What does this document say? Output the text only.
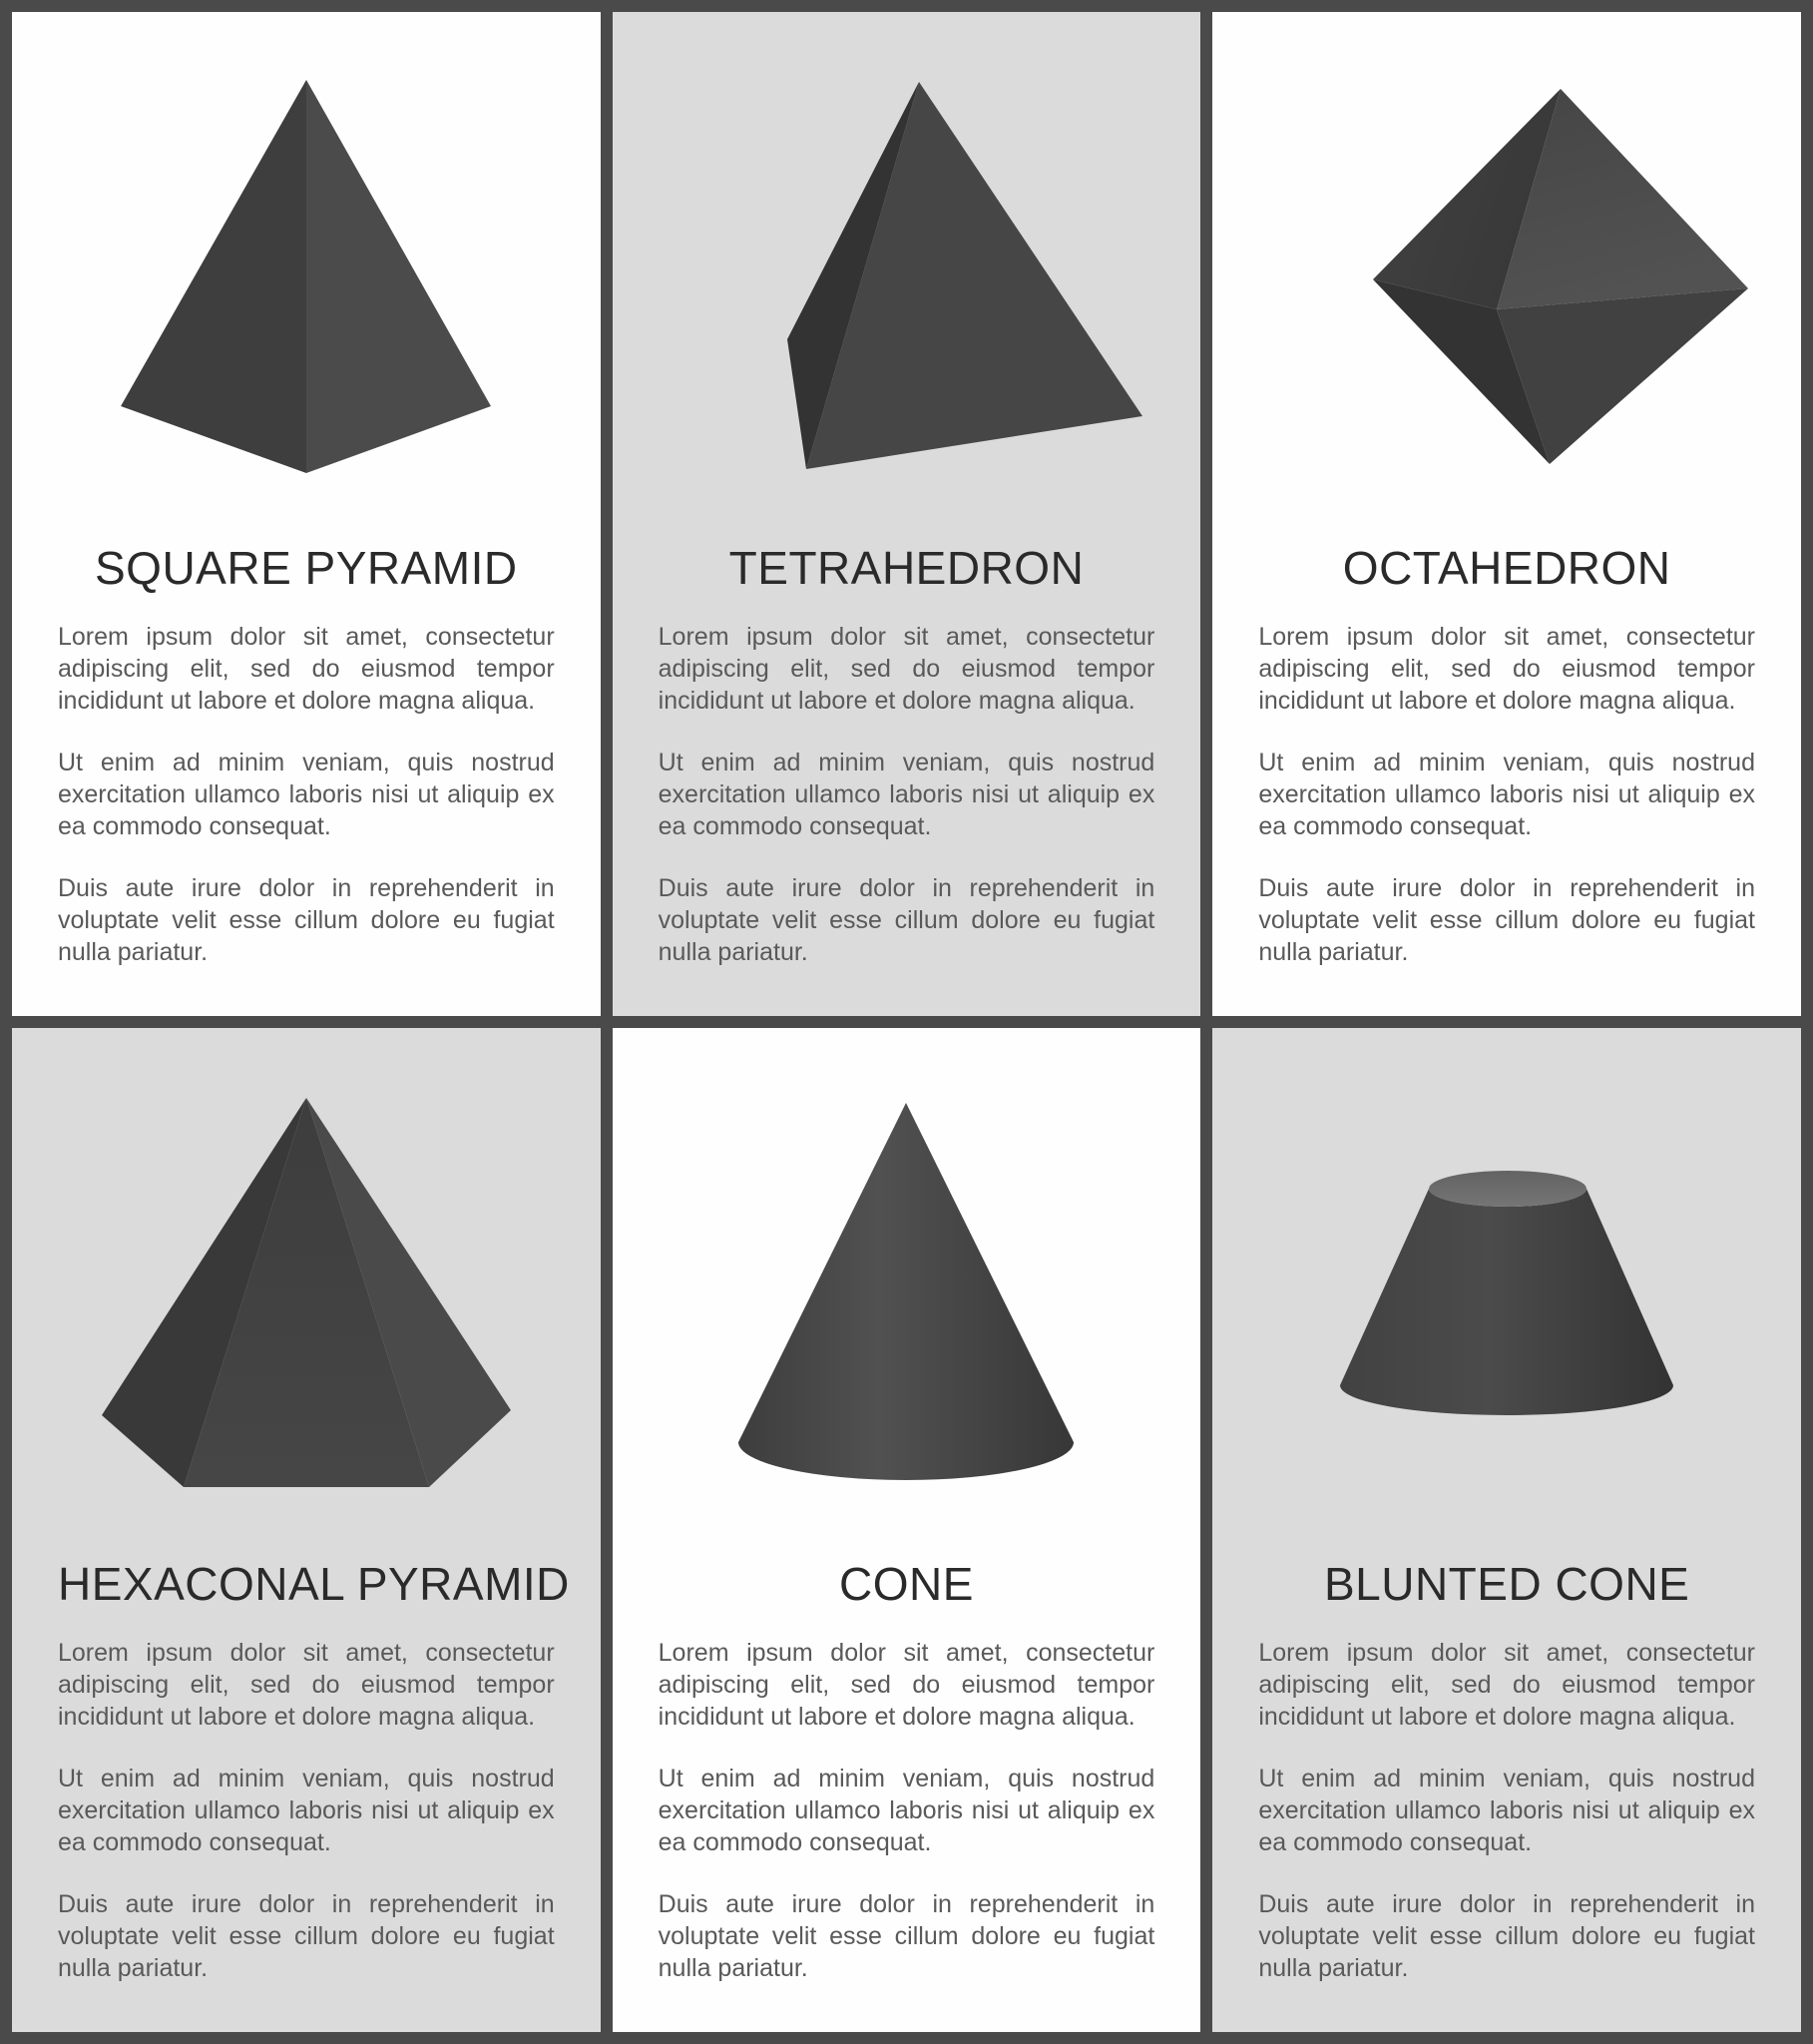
SQUARE PYRAMID

Lorem ipsum dolor sit amet, consectetur adipiscing elit, sed do eiusmod tempor incididunt ut labore et dolore magna aliqua.

Ut enim ad minim veniam, quis nostrud exercitation ullamco laboris nisi ut aliquip ex ea commodo consequat.

Duis aute irure dolor in reprehenderit in voluptate velit esse cillum dolore eu fugiat nulla pariatur.

TETRAHEDRON

Lorem ipsum dolor sit amet, consectetur adipiscing elit, sed do eiusmod tempor incididunt ut labore et dolore magna aliqua.

Ut enim ad minim veniam, quis nostrud exercitation ullamco laboris nisi ut aliquip ex ea commodo consequat.

Duis aute irure dolor in reprehenderit in voluptate velit esse cillum dolore eu fugiat nulla pariatur.

OCTAHEDRON

Lorem ipsum dolor sit amet, consectetur adipiscing elit, sed do eiusmod tempor incididunt ut labore et dolore magna aliqua.

Ut enim ad minim veniam, quis nostrud exercitation ullamco laboris nisi ut aliquip ex ea commodo consequat.

Duis aute irure dolor in reprehenderit in voluptate velit esse cillum dolore eu fugiat nulla pariatur.

HEXACONAL PYRAMID

Lorem ipsum dolor sit amet, consectetur adipiscing elit, sed do eiusmod tempor incididunt ut labore et dolore magna aliqua.

Ut enim ad minim veniam, quis nostrud exercitation ullamco laboris nisi ut aliquip ex ea commodo consequat.

Duis aute irure dolor in reprehenderit in voluptate velit esse cillum dolore eu fugiat nulla pariatur.

CONE

Lorem ipsum dolor sit amet, consectetur adipiscing elit, sed do eiusmod tempor incididunt ut labore et dolore magna aliqua.

Ut enim ad minim veniam, quis nostrud exercitation ullamco laboris nisi ut aliquip ex ea commodo consequat.

Duis aute irure dolor in reprehenderit in voluptate velit esse cillum dolore eu fugiat nulla pariatur.

BLUNTED CONE

Lorem ipsum dolor sit amet, consectetur adipiscing elit, sed do eiusmod tempor incididunt ut labore et dolore magna aliqua.

Ut enim ad minim veniam, quis nostrud exercitation ullamco laboris nisi ut aliquip ex ea commodo consequat.

Duis aute irure dolor in reprehenderit in voluptate velit esse cillum dolore eu fugiat nulla pariatur.
